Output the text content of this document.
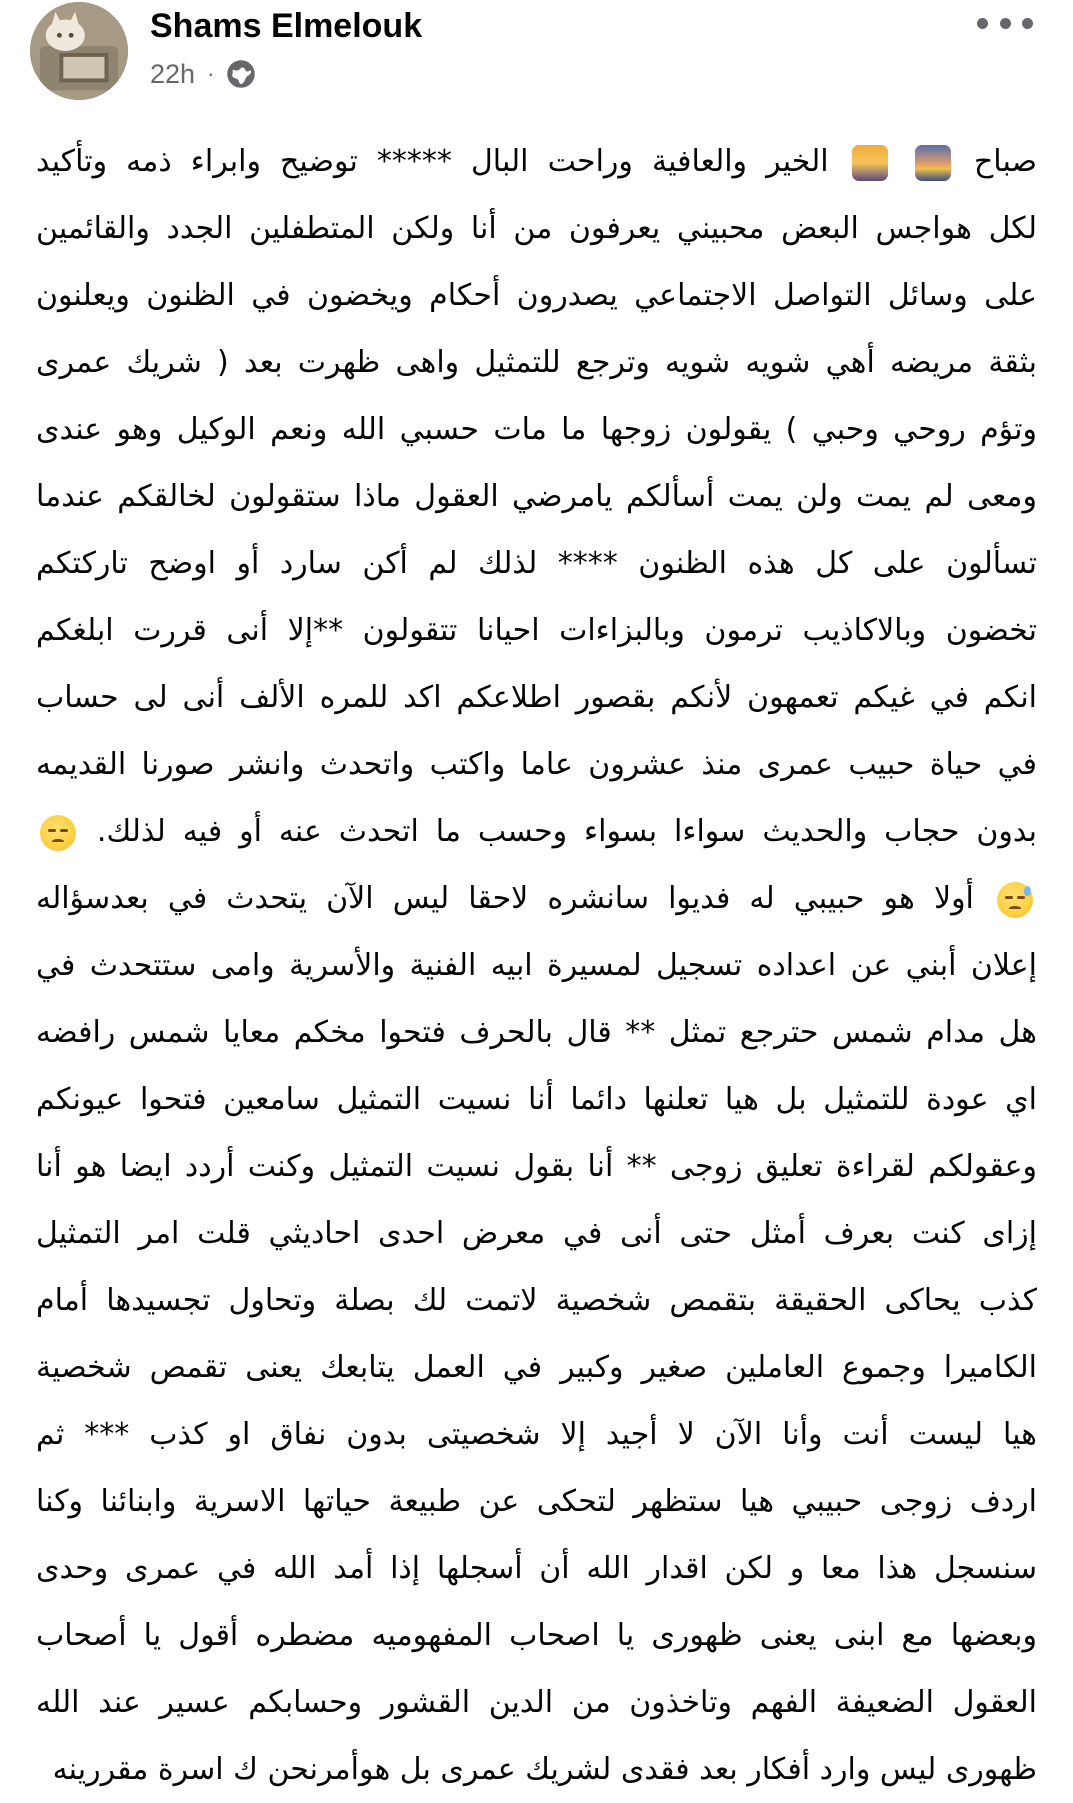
Shams Elmelouk
22h ·
صباح   الخير والعافية وراحت البال ***** توضيح وابراء ذمه وتأكيد
لكل هواجس البعض محبيني يعرفون من أنا ولكن المتطفلين الجدد والقائمين
على وسائل التواصل الاجتماعي يصدرون أحكام ويخضون في الظنون ويعلنون
بثقة مريضه أهي شويه شويه وترجع للتمثيل واهى ظهرت بعد ( شريك عمرى
وتؤم روحي وحبي ) يقولون زوجها ما مات حسبي الله ونعم الوكيل وهو عندى
ومعى لم يمت ولن يمت أسألكم يامرضي العقول ماذا ستقولون لخالقكم عندما
تسألون على كل هذه الظنون **** لذلك لم أكن سارد أو اوضح تاركتكم
تخضون وبالاكاذيب ترمون وبالبزاءات احيانا تتقولون **إلا أنى قررت ابلغكم
انكم في غيكم تعمهون لأنكم بقصور اطلاعكم اكد للمره الألف أنى لى حساب
في حياة حبيب عمرى منذ عشرون عاما واكتب واتحدث وانشر صورنا القديمه
بدون حجاب والحديث سواءا بسواء وحسب ما اتحدث عنه أو فيه لذلك.
أولا هو حبيبي له فديوا سانشره لاحقا ليس الآن يتحدث في بعدسؤاله
إعلان أبني عن اعداده تسجيل لمسيرة ابيه الفنية والأسرية وامى ستتحدث في
هل مدام شمس حترجع تمثل ** قال بالحرف فتحوا مخكم معايا شمس رافضه
اي عودة للتمثيل بل هيا تعلنها دائما أنا نسيت التمثيل سامعين فتحوا عيونكم
وعقولكم لقراءة تعليق زوجى ** أنا بقول نسيت التمثيل وكنت أردد ايضا هو أنا
إزاى كنت بعرف أمثل حتى أنى في معرض احدى احاديثي قلت امر التمثيل
كذب يحاكى الحقيقة بتقمص شخصية لاتمت لك بصلة وتحاول تجسيدها أمام
الكاميرا وجموع العاملين صغير وكبير في العمل يتابعك يعنى تقمص شخصية
هيا ليست أنت وأنا الآن لا أجيد إلا شخصيتى بدون نفاق او كذب *** ثم
اردف زوجى حبيبي هيا ستظهر لتحكى عن طبيعة حياتها الاسرية وابنائنا وكنا
سنسجل هذا معا و لكن اقدار الله أن أسجلها إذا أمد الله في عمرى وحدى
وبعضها مع ابنى يعنى ظهورى يا اصحاب المفهوميه مضطره أقول يا أصحاب
العقول الضعيفة الفهم وتاخذون من الدين القشور وحسابكم عسير عند الله
ظهورى ليس وارد أفكار بعد فقدى لشريك عمرى بل هوأمرنحن ك اسرة مقررينه
